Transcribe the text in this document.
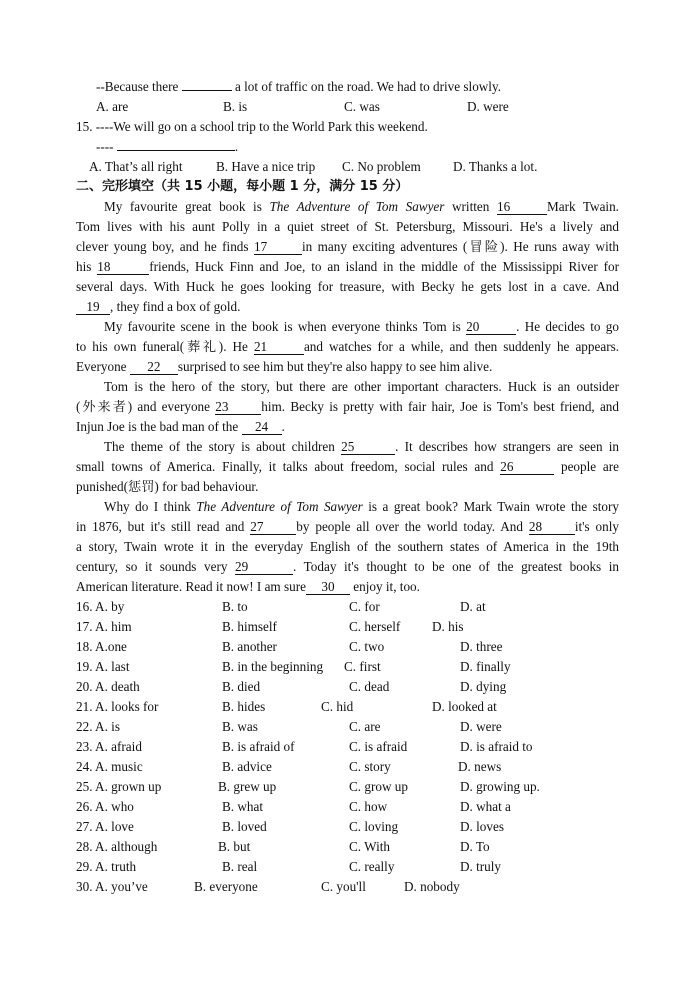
--Because there	a lot of traffic on the road. We had to drive slowly.
A. are	B. is	C. was	D. were
15. ----We will go on a school trip to the World Park this weekend.
----	.
A. That’s all right	B. Have a nice trip C. No problem D. Thanks a lot.
二、完形填空（共 15 小题，每小题 1 分，满分 15 分）
My favourite great book is The Adventure of Tom Sawyer written 16	Mark Twain.
Tom lives with his aunt Polly in a quiet street of St. Petersburg, Missouri. He's a lively and
clever young boy, and he finds 17	in many exciting adventures (冒险). He runs away with
his 18	friends, Huck Finn and Joe, to an island in the middle of the Mississippi River for
several days. With Huck he goes looking for treasure, with Becky he gets lost in a cave. And
19 , they find a box of gold.
My favourite scene in the book is when everyone thinks Tom is 20	. He decides to go
to his own funeral(葬礼). He 21	and watches for a while, and then suddenly he appears.
Everyone 22 surprised to see him but they're also happy to see him alive.
Tom is the hero of the story, but there are other important characters. Huck is an outsider
(外来者) and everyone 23 him. Becky is pretty with fair hair, Joe is Tom's best friend, and
Injun Joe is the bad man of the 24 .
The theme of the story is about children 25	. It describes how strangers are seen in
small towns of America. Finally, it talks about freedom, social rules and 26	people are
punished(惩罚) for bad behaviour.
Why do I think The Adventure of Tom Sawyer is a great book? Mark Twain wrote the story
in 1876, but it's still read and 27 by people all over the world today. And 28 it's only
a story, Twain wrote it in the everyday English of the southern states of America in the 19th
century, so it sounds very 29	. Today it's thought to be one of the greatest books in
American literature. Read it now! I am sure 30 enjoy it, too.
16. A. by	B. to	C. for	D. at
17. A. him	B. himself	C. herself D. his
18. A.one	B. another	C. two	D. three
19. A. last	B. in the beginning C. first	D. finally
20. A. death	B. died	C. dead	D. dying
21. A. looks for	B. hides	C. hid	D. looked at
22. A. is	B. was	C. are	D. were
23. A. afraid	B. is afraid of	C. is afraid	D. is afraid to
24. A. music	B. advice	C. story	D. news
25. A. grown up	B. grew up	C. grow up	D. growing up.
26. A. who	B. what	C. how	D. what a
27. A. love	B. loved	C. loving	D. loves
28. A. although	B. but	C. With	D. To
29. A. truth	B. real	C. really	D. truly
30. A. you’ve	B. everyone	C. you'll	D. nobody
